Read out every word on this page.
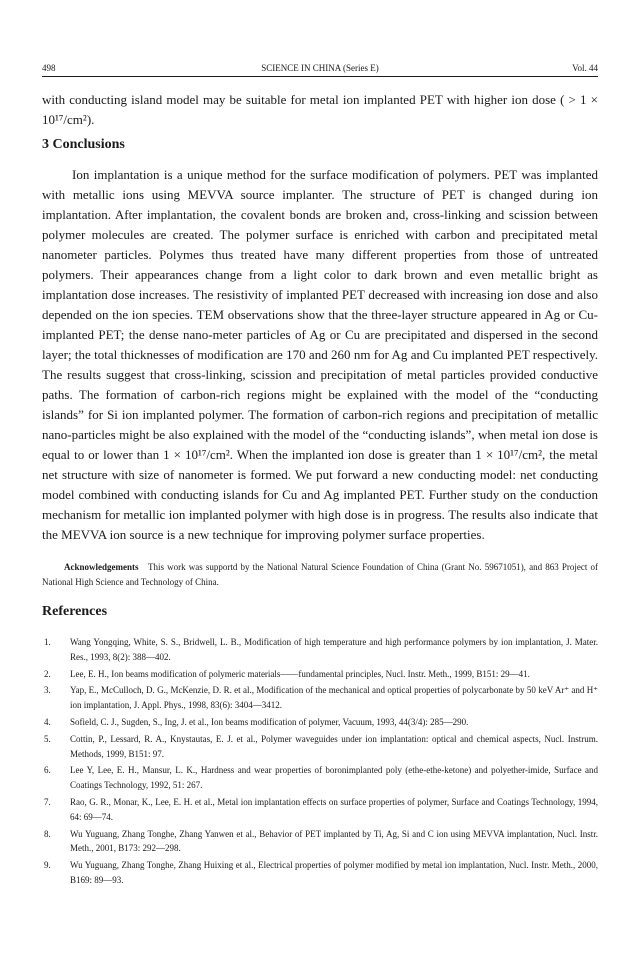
498	SCIENCE IN CHINA (Series E)	Vol. 44

with conducting island model may be suitable for metal ion implanted PET with higher ion dose ( > 1 × 10¹⁷/cm²).

3 Conclusions

Ion implantation is a unique method for the surface modification of polymers. PET was implanted with metallic ions using MEVVA source implanter. The structure of PET is changed during ion implantation. After implantation, the covalent bonds are broken and, cross-linking and scission between polymer molecules are created. The polymer surface is enriched with carbon and precipitated metal nanometer particles. Polymes thus treated have many different properties from those of untreated polymers. Their appearances change from a light color to dark brown and even metallic bright as implantation dose increases. The resistivity of implanted PET decreased with increasing ion dose and also depended on the ion species. TEM observations show that the three-layer structure appeared in Ag or Cu-implanted PET; the dense nano-meter particles of Ag or Cu are precipitated and dispersed in the second layer; the total thicknesses of modification are 170 and 260 nm for Ag and Cu implanted PET respectively. The results suggest that cross-linking, scission and precipitation of metal particles provided conductive paths. The formation of carbon-rich regions might be explained with the model of the “conducting islands” for Si ion implanted polymer. The formation of carbon-rich regions and precipitation of metallic nano-particles might be also explained with the model of the “conducting islands”, when metal ion dose is equal to or lower than 1 × 10¹⁷/cm². When the implanted ion dose is greater than 1 × 10¹⁷/cm², the metal net structure with size of nanometer is formed. We put forward a new conducting model: net conducting model combined with conducting islands for Cu and Ag implanted PET. Further study on the conduction mechanism for metallic ion implanted polymer with high dose is in progress. The results also indicate that the MEVVA ion source is a new technique for improving polymer surface properties.

Acknowledgements This work was supportd by the National Natural Science Foundation of China (Grant No. 59671051), and 863 Project of National High Science and Technology of China.

References
1.	Wang Yongqing, White, S. S., Bridwell, L. B., Modification of high temperature and high performance polymers by ion implantation, J. Mater. Res., 1993, 8(2): 388—402.
2.	Lee, E. H., Ion beams modification of polymeric materials——fundamental principles, Nucl. Instr. Meth., 1999, B151: 29—41.
3.	Yap, E., McCulloch, D. G., McKenzie, D. R. et al., Modification of the mechanical and optical properties of polycarbonate by 50 keV Ar⁺ and H⁺ ion implantation, J. Appl. Phys., 1998, 83(6): 3404—3412.
4.	Sofield, C. J., Sugden, S., Ing, J. et al., Ion beams modification of polymer, Vacuum, 1993, 44(3/4): 285—290.
5.	Cottin, P., Lessard, R. A., Knystautas, E. J. et al., Polymer waveguides under ion implantation: optical and chemical aspects, Nucl. Instrum. Methods, 1999, B151: 97.
6.	Lee Y, Lee, E. H., Mansur, L. K., Hardness and wear properties of boronimplanted poly (ethe-ethe-ketone) and polyether-imide, Surface and Coatings Technology, 1992, 51: 267.
7.	Rao, G. R., Monar, K., Lee, E. H. et al., Metal ion implantation effects on surface properties of polymer, Surface and Coatings Technology, 1994, 64: 69—74.
8.	Wu Yuguang, Zhang Tonghe, Zhang Yanwen et al., Behavior of PET implanted by Ti, Ag, Si and C ion using MEVVA implantation, Nucl. Instr. Meth., 2001, B173: 292—298.
9.	Wu Yuguang, Zhang Tonghe, Zhang Huixing et al., Electrical properties of polymer modified by metal ion implantation, Nucl. Instr. Meth., 2000, B169: 89—93.
